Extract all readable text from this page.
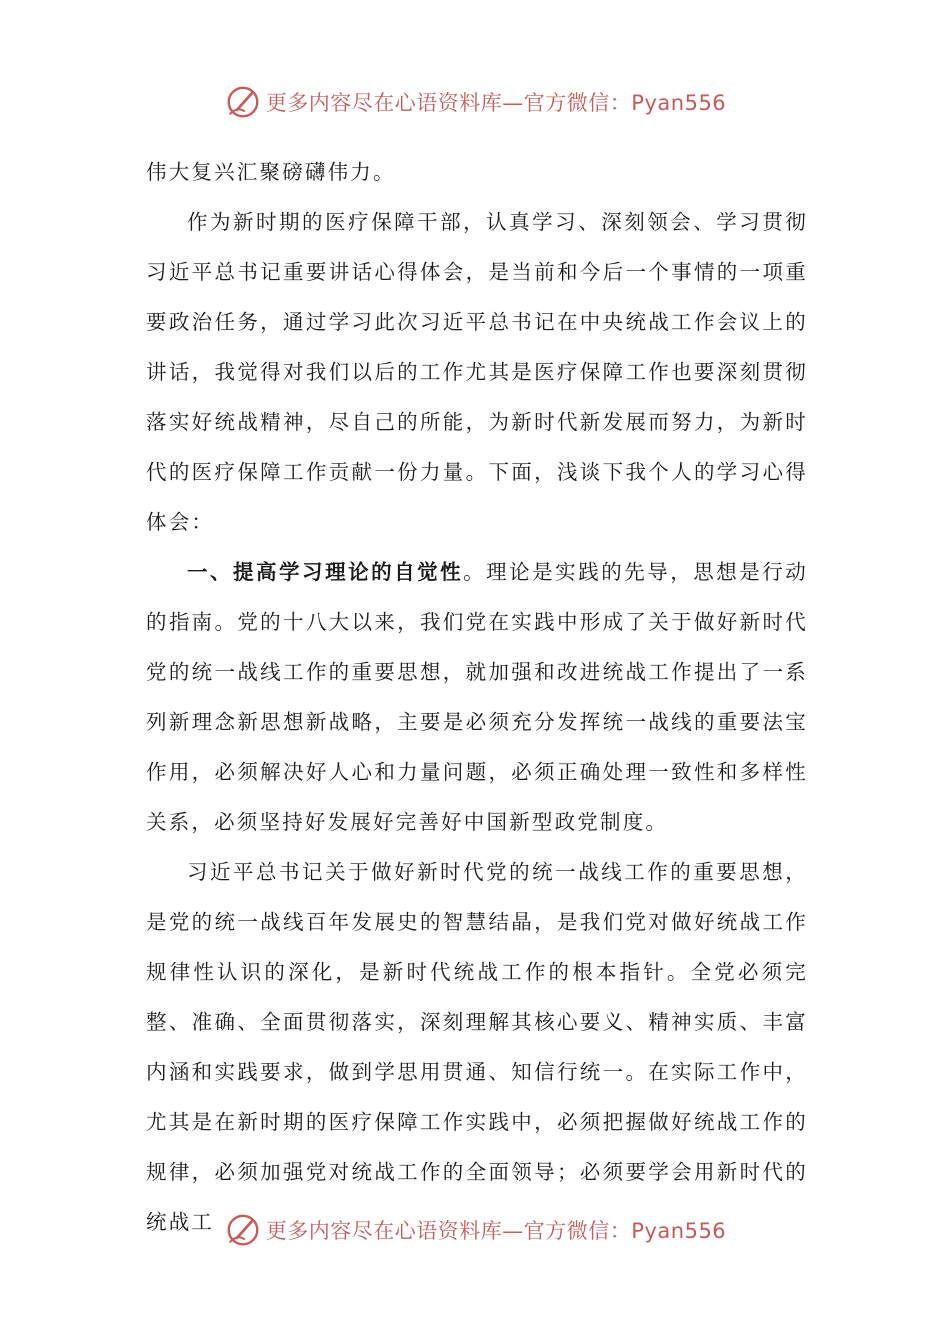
更多内容尽在心语资料库—官方微信：Pyan556

伟大复兴汇聚磅礴伟力。

作为新时期的医疗保障干部，认真学习、深刻领会、学习贯彻习近平总书记重要讲话心得体会，是当前和今后一个事情的一项重要政治任务，通过学习此次习近平总书记在中央统战工作会议上的讲话，我觉得对我们以后的工作尤其是医疗保障工作也要深刻贯彻落实好统战精神，尽自己的所能，为新时代新发展而努力，为新时代的医疗保障工作贡献一份力量。下面，浅谈下我个人的学习心得体会：

一、提高学习理论的自觉性。理论是实践的先导，思想是行动的指南。党的十八大以来，我们党在实践中形成了关于做好新时代党的统一战线工作的重要思想，就加强和改进统战工作提出了一系列新理念新思想新战略，主要是必须充分发挥统一战线的重要法宝作用，必须解决好人心和力量问题，必须正确处理一致性和多样性关系，必须坚持好发展好完善好中国新型政党制度。

习近平总书记关于做好新时代党的统一战线工作的重要思想，是党的统一战线百年发展史的智慧结晶，是我们党对做好统战工作规律性认识的深化，是新时代统战工作的根本指针。全党必须完整、准确、全面贯彻落实，深刻理解其核心要义、精神实质、丰富内涵和实践要求，做到学思用贯通、知信行统一。在实际工作中，尤其是在新时期的医疗保障工作实践中，必须把握做好统战工作的规律，必须加强党对统战工作的全面领导；必须要学会用新时代的统战工	更多内容尽在心语资料库—官方微信：Pyan556
